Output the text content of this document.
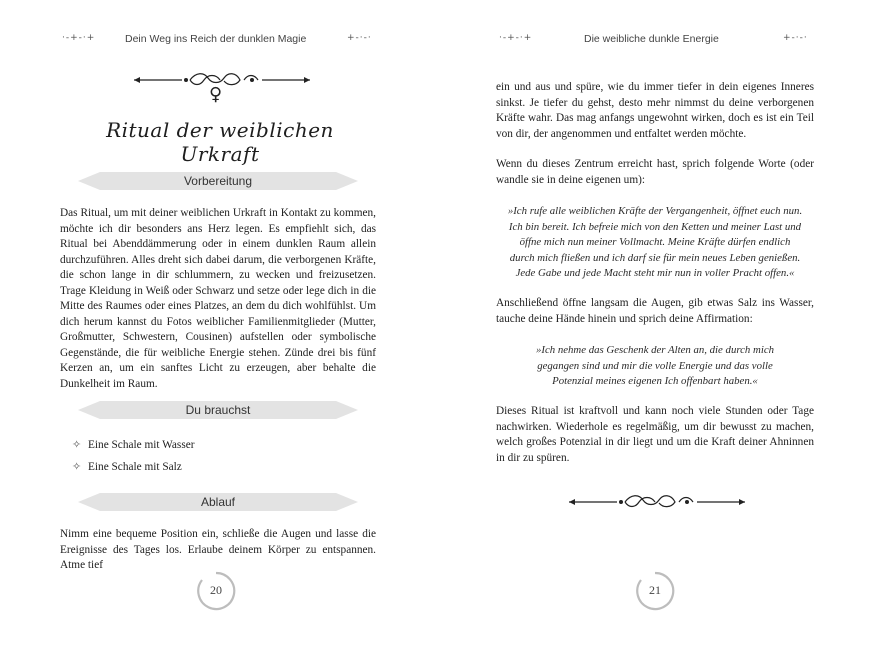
⋅-+-⋅+	Dein Weg ins Reich der dunklen Magie	+-⋅-⋅
♀
Ritual der weiblichen Urkraft
Vorbereitung
Das Ritual, um mit deiner weiblichen Urkraft in Kontakt zu kommen, möchte ich dir besonders ans Herz legen. Es empfiehlt sich, das Ritual bei Abenddämmerung oder in einem dunklen Raum allein durchzuführen. Alles dreht sich dabei darum, die verborgenen Kräfte, die schon lange in dir schlummern, zu wecken und freizusetzen. Trage Kleidung in Weiß oder Schwarz und setze oder lege dich in die Mitte des Raumes oder eines Platzes, an dem du dich wohlfühlst. Um dich herum kannst du Fotos weiblicher Familienmitglieder (Mutter, Großmutter, Schwestern, Cousinen) aufstellen oder symbolische Gegenstände, die für weibliche Energie stehen. Zünde drei bis fünf Kerzen an, um ein sanftes Licht zu erzeugen, aber behalte die Dunkelheit im Raum.
Du brauchst
✧ Eine Schale mit Wasser
✧ Eine Schale mit Salz
Ablauf
Nimm eine bequeme Position ein, schließe die Augen und lasse die Ereignisse des Tages los. Erlaube deinem Körper zu entspannen. Atme tief
20
⋅-+-⋅+	Die weibliche dunkle Energie	+-⋅-⋅
ein und aus und spüre, wie du immer tiefer in dein eigenes Inneres sinkst. Je tiefer du gehst, desto mehr nimmst du deine verborgenen Kräfte wahr. Das mag anfangs ungewohnt wirken, doch es ist ein Teil von dir, der angenommen und entfaltet werden möchte.
Wenn du dieses Zentrum erreicht hast, sprich folgende Worte (oder wandle sie in deine eigenen um):
»Ich rufe alle weiblichen Kräfte der Vergangenheit, öffnet euch nun. Ich bin bereit. Ich befreie mich von den Ketten und meiner Last und öffne mich nun meiner Vollmacht. Meine Kräfte dürfen endlich durch mich fließen und ich darf sie für mein neues Leben genießen. Jede Gabe und jede Macht steht mir nun in voller Pracht offen.«
Anschließend öffne langsam die Augen, gib etwas Salz ins Wasser, tauche deine Hände hinein und sprich deine Affirmation:
»Ich nehme das Geschenk der Alten an, die durch mich gegangen sind und mir die volle Energie und das volle Potenzial meines eigenen Ich offenbart haben.«
Dieses Ritual ist kraftvoll und kann noch viele Stunden oder Tage nachwirken. Wiederhole es regelmäßig, um dir bewusst zu machen, welch großes Potenzial in dir liegt und um die Kraft deiner Ahninnen in dir zu spüren.
21
